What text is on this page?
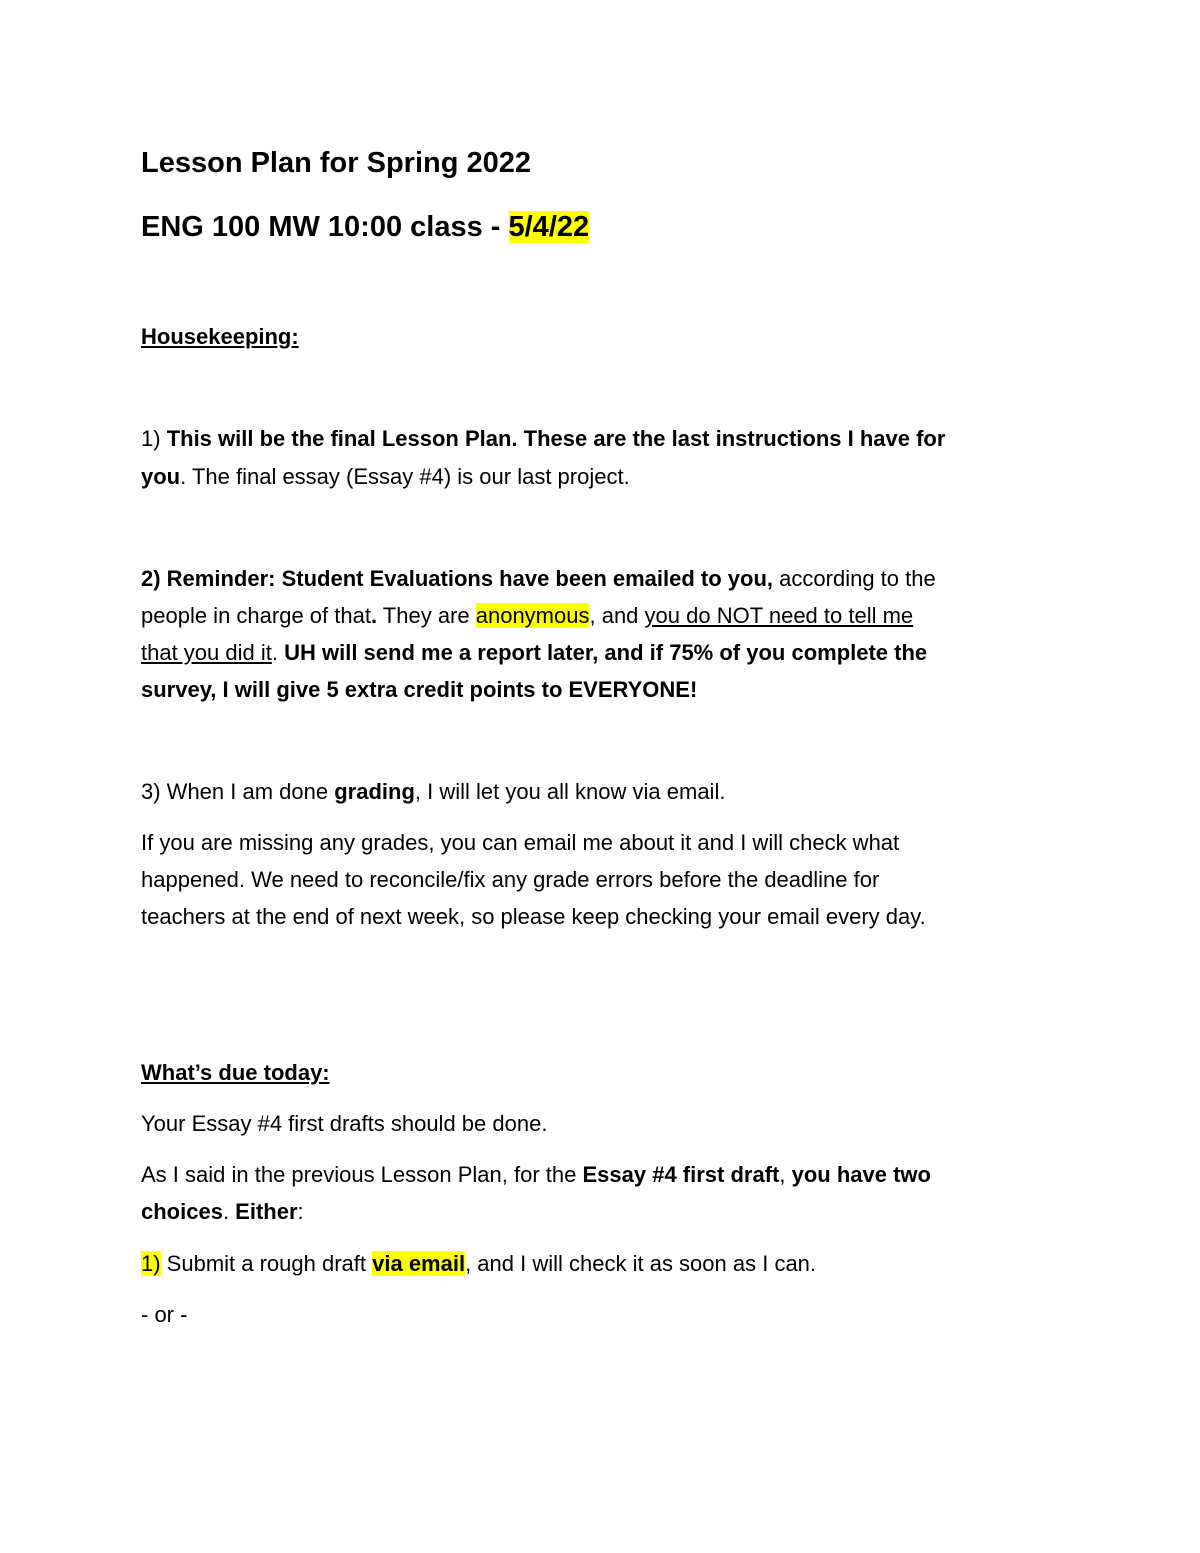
Lesson Plan for Spring 2022

ENG 100 MW 10:00 class - 5/4/22

Housekeeping:

1) This will be the final Lesson Plan. These are the last instructions I have for

you. The final essay (Essay #4) is our last project.

2) Reminder: Student Evaluations have been emailed to you, according to the

people in charge of that. They are anonymous, and you do NOT need to tell me

that you did it. UH will send me a report later, and if 75% of you complete the

survey, I will give 5 extra credit points to EVERYONE!

3) When I am done grading, I will let you all know via email.

If you are missing any grades, you can email me about it and I will check what

happened. We need to reconcile/fix any grade errors before the deadline for

teachers at the end of next week, so please keep checking your email every day.

What’s due today:

Your Essay #4 first drafts should be done.

As I said in the previous Lesson Plan, for the Essay #4 first draft, you have two

choices. Either:

1) Submit a rough draft via email, and I will check it as soon as I can.

- or -
